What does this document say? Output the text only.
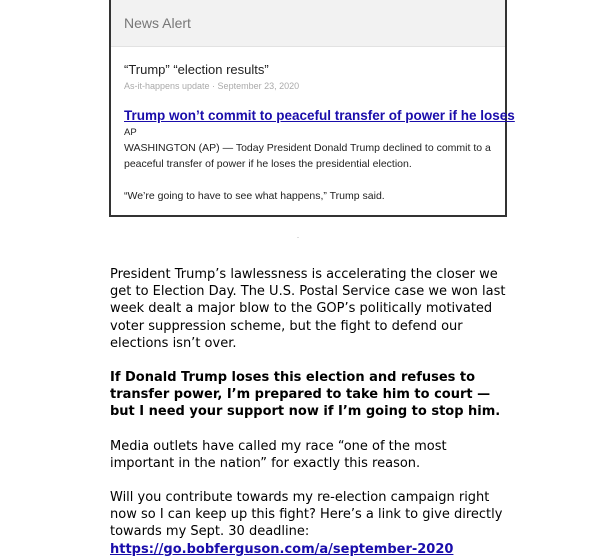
News Alert

“Trump” “election results”

As-it-happens update · September 23, 2020
Trump won’t commit to peaceful transfer of power if he loses
AP
WASHINGTON (AP) — Today President Donald Trump declined to commit to a peaceful transfer of power if he loses the presidential election.
“We’re going to have to see what happens,” Trump said.

President Trump’s lawlessness is accelerating the closer we get to Election Day. The U.S. Postal Service case we won last week dealt a major blow to the GOP’s politically motivated voter suppression scheme, but the fight to defend our elections isn’t over.

If Donald Trump loses this election and refuses to transfer power, I’m prepared to take him to court — but I need your support now if I’m going to stop him.

Media outlets have called my race “one of the most important in the nation” for exactly this reason.

Will you contribute towards my re-election campaign right now so I can keep up this fight? Here’s a link to give directly towards my Sept. 30 deadline:
https://go.bobferguson.com/a/september-2020
